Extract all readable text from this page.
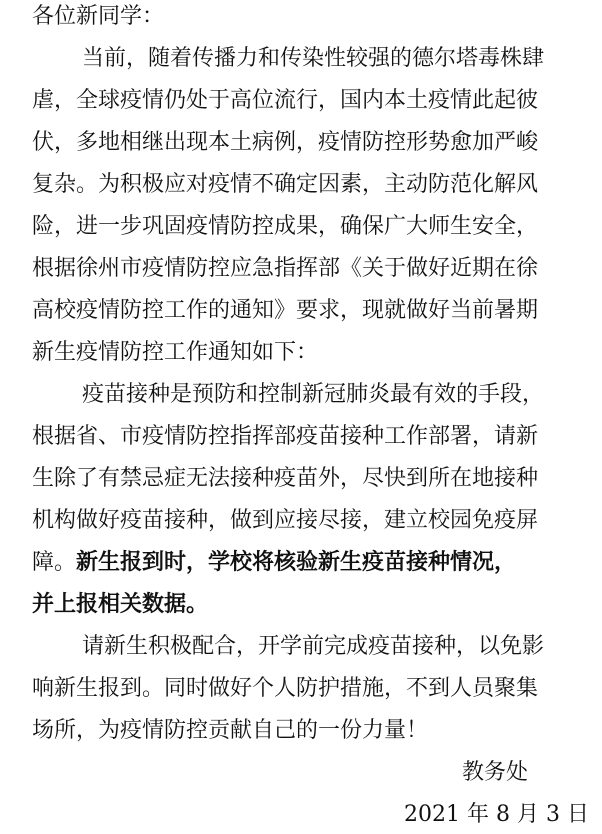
各位新同学：
当前，随着传播力和传染性较强的德尔塔毒株肆
虐，全球疫情仍处于高位流行，国内本土疫情此起彼
伏，多地相继出现本土病例，疫情防控形势愈加严峻
复杂。为积极应对疫情不确定因素，主动防范化解风
险，进一步巩固疫情防控成果，确保广大师生安全，
根据徐州市疫情防控应急指挥部《关于做好近期在徐
高校疫情防控工作的通知》要求，现就做好当前暑期
新生疫情防控工作通知如下：
疫苗接种是预防和控制新冠肺炎最有效的手段，
根据省、市疫情防控指挥部疫苗接种工作部署，请新
生除了有禁忌症无法接种疫苗外，尽快到所在地接种
机构做好疫苗接种，做到应接尽接，建立校园免疫屏
障。新生报到时，学校将核验新生疫苗接种情况，
并上报相关数据。
请新生积极配合，开学前完成疫苗接种，以免影
响新生报到。同时做好个人防护措施，不到人员聚集
场所，为疫情防控贡献自己的一份力量！
教务处
2021 年 8 月 3 日
